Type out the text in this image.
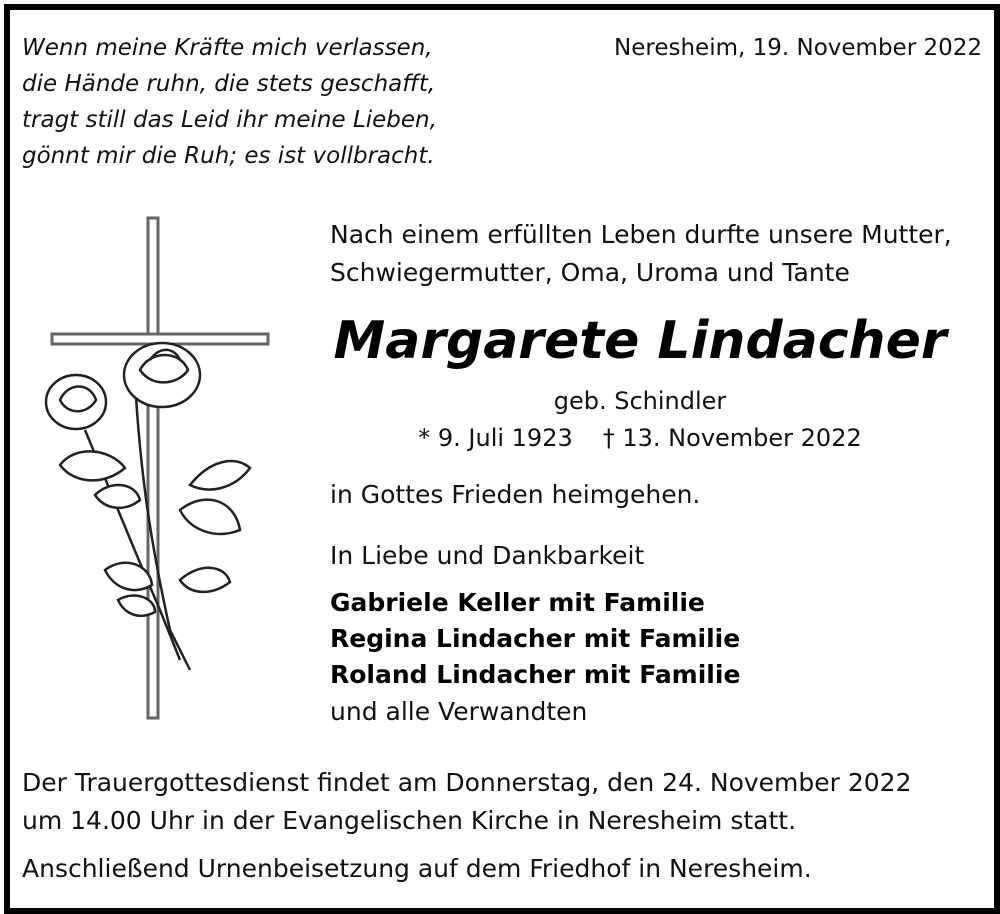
Wenn meine Kräfte mich verlassen,
die Hände ruhn, die stets geschafft,
tragt still das Leid ihr meine Lieben,
gönnt mir die Ruh; es ist vollbracht.
Neresheim, 19. November 2022
Nach einem erfüllten Leben durfte unsere Mutter,
Schwiegermutter, Oma, Uroma und Tante
Margarete Lindacher
geb. Schindler
* 9. Juli 1923 † 13. November 2022
in Gottes Frieden heimgehen.
In Liebe und Dankbarkeit
Gabriele Keller mit Familie
Regina Lindacher mit Familie
Roland Lindacher mit Familie
und alle Verwandten
Der Trauergottesdienst findet am Donnerstag, den 24. November 2022
um 14.00 Uhr in der Evangelischen Kirche in Neresheim statt.
Anschließend Urnenbeisetzung auf dem Friedhof in Neresheim.
